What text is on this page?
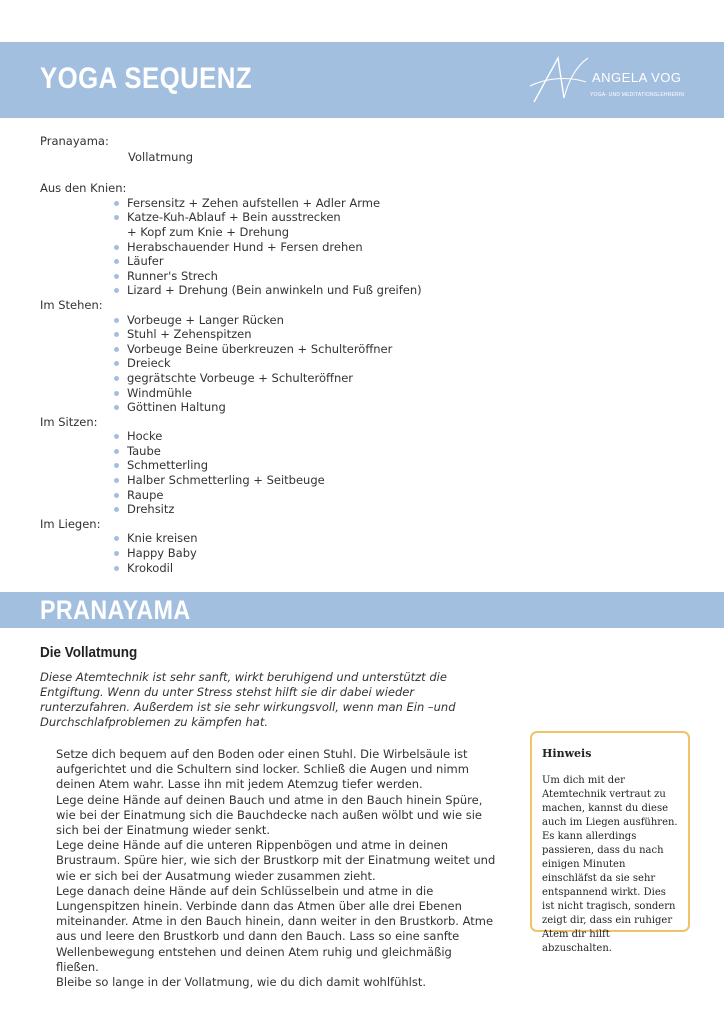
YOGA SEQUENZ	ANGELA VOG
YOGA- UND MEDITATIONSLEHRERIN
Pranayama:
Vollatmung
Aus den Knien:
Fersensitz + Zehen aufstellen + Adler Arme
Katze-Kuh-Ablauf + Bein ausstrecken
+ Kopf zum Knie + Drehung
Herabschauender Hund + Fersen drehen
Läufer
Runner's Strech
Lizard + Drehung (Bein anwinkeln und Fuß greifen)
Im Stehen:
Vorbeuge + Langer Rücken
Stuhl + Zehenspitzen
Vorbeuge Beine überkreuzen + Schulteröffner
Dreieck
gegrätschte Vorbeuge + Schulteröffner
Windmühle
Göttinen Haltung
Im Sitzen:
Hocke
Taube
Schmetterling
Halber Schmetterling + Seitbeuge
Raupe
Drehsitz
Im Liegen:
Knie kreisen
Happy Baby
Krokodil
PRANAYAMA
Die Vollatmung

Diese Atemtechnik ist sehr sanft, wirkt beruhigend und unterstützt die Entgiftung. Wenn du unter Stress stehst hilft sie dir dabei wieder runterzufahren. Außerdem ist sie sehr wirkungsvoll, wenn man Ein –und Durchschlafproblemen zu kämpfen hat.

Setze dich bequem auf den Boden oder einen Stuhl. Die Wirbelsäule ist aufgerichtet und die Schultern sind locker. Schließ die Augen und nimm deinen Atem wahr. Lasse ihn mit jedem Atemzug tiefer werden.
Lege deine Hände auf deinen Bauch und atme in den Bauch hinein Spüre, wie bei der Einatmung sich die Bauchdecke nach außen wölbt und wie sie sich bei der Einatmung wieder senkt.
Lege deine Hände auf die unteren Rippenbögen und atme in deinen Brustraum. Spüre hier, wie sich der Brustkorp mit der Einatmung weitet und wie er sich bei der Ausatmung wieder zusammen zieht.
Lege danach deine Hände auf dein Schlüsselbein und atme in die Lungenspitzen hinein. Verbinde dann das Atmen über alle drei Ebenen miteinander. Atme in den Bauch hinein, dann weiter in den Brustkorb. Atme aus und leere den Brustkorb und dann den Bauch. Lass so eine sanfte Wellenbewegung entstehen und deinen Atem ruhig und gleichmäßig fließen.
Bleibe so lange in der Vollatmung, wie du dich damit wohlfühlst.
Hinweis

Um dich mit der Atemtechnik vertraut zu machen, kannst du diese auch im Liegen ausführen. Es kann allerdings passieren, dass du nach einigen Minuten einschläfst da sie sehr entspannend wirkt. Dies ist nicht tragisch, sondern zeigt dir, dass ein ruhiger Atem dir hilft abzuschalten.
